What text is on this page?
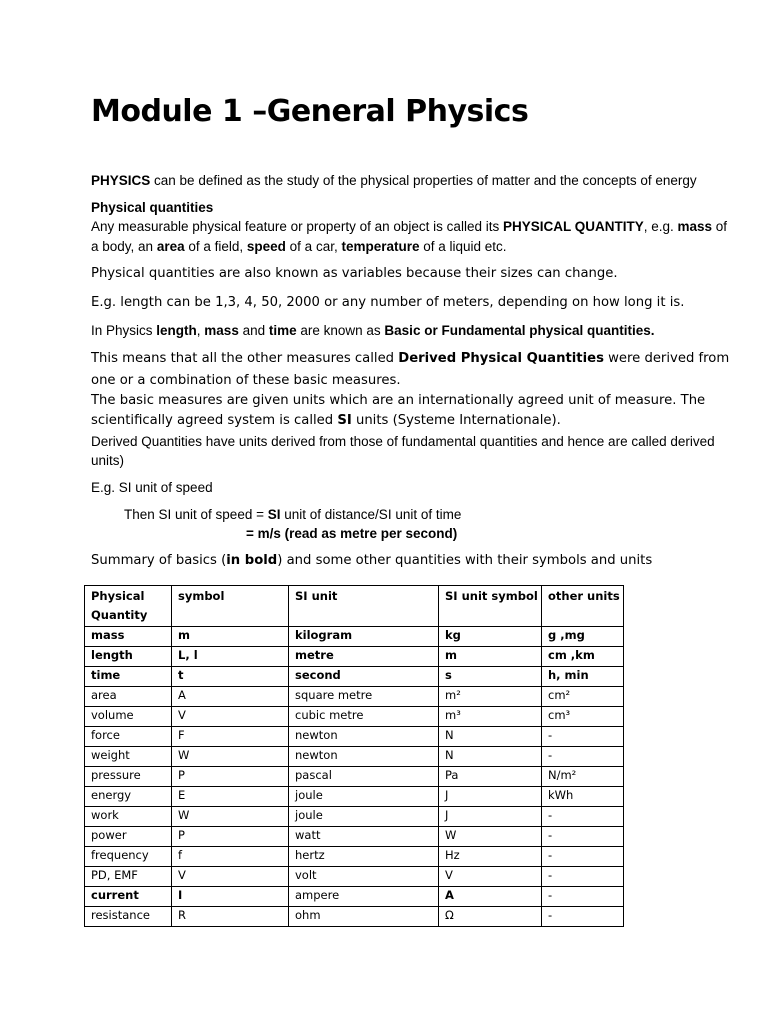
Module 1 –General Physics

PHYSICS can be defined as the study of the physical properties of matter and the concepts of energy

Physical quantities

Any measurable physical feature or property of an object is called its PHYSICAL QUANTITY, e.g. mass of

a body, an area of a field, speed of a car, temperature of a liquid etc.

Physical quantities are also known as variables because their sizes can change.

E.g. length can be 1,3, 4, 50, 2000 or any number of meters, depending on how long it is.

In Physics length, mass and time are known as Basic or Fundamental physical quantities.

This means that all the other measures called Derived Physical Quantities were derived from

one or a combination of these basic measures.

The basic measures are given units which are an internationally agreed unit of measure. The

scientifically agreed system is called SI units (Systeme Internationale).

Derived Quantities have units derived from those of fundamental quantities and hence are called derived

units)

E.g. SI unit of speed

Then SI unit of speed = SI unit of distance/SI unit of time

= m/s (read as metre per second)

Summary of basics (in bold) and some other quantities with their symbols and units

Physical Quantity	symbol	SI unit	SI unit symbol	other units
mass	m	kilogram	kg	g ,mg
length	L, l	metre	m	cm ,km
time	t	second	s	h, min
area	A	square metre	m²	cm²
volume	V	cubic metre	m³	cm³
force	F	newton	N	-
weight	W	newton	N	-
pressure	P	pascal	Pa	N/m²
energy	E	joule	J	kWh
work	W	joule	J	-
power	P	watt	W	-
frequency	f	hertz	Hz	-
PD, EMF	V	volt	V	-
current	I	ampere	A	-
resistance	R	ohm	Ω	-
